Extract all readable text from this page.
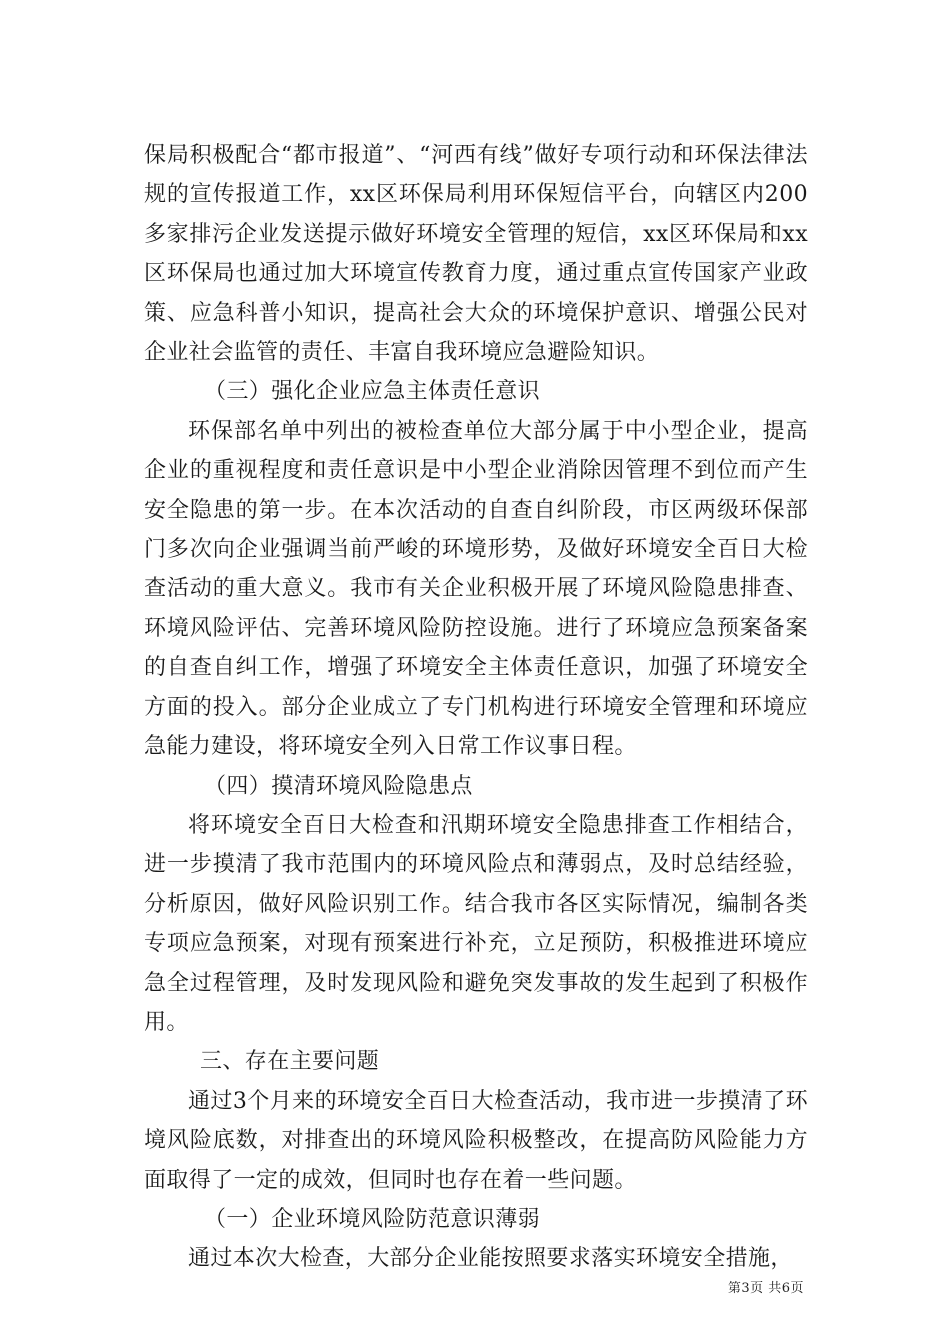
保局积极配合“都市报道”、“河西有线”做好专项行动和环保法律法规的宣传报道工作，xx区环保局利用环保短信平台，向辖区内200多家排污企业发送提示做好环境安全管理的短信，xx区环保局和xx区环保局也通过加大环境宣传教育力度，通过重点宣传国家产业政策、应急科普小知识，提高社会大众的环境保护意识、增强公民对企业社会监管的责任、丰富自我环境应急避险知识。

（三）强化企业应急主体责任意识

环保部名单中列出的被检查单位大部分属于中小型企业，提高企业的重视程度和责任意识是中小型企业消除因管理不到位而产生安全隐患的第一步。在本次活动的自查自纠阶段，市区两级环保部门多次向企业强调当前严峻的环境形势，及做好环境安全百日大检查活动的重大意义。我市有关企业积极开展了环境风险隐患排查、环境风险评估、完善环境风险防控设施。进行了环境应急预案备案的自查自纠工作，增强了环境安全主体责任意识，加强了环境安全方面的投入。部分企业成立了专门机构进行环境安全管理和环境应急能力建设，将环境安全列入日常工作议事日程。

（四）摸清环境风险隐患点

将环境安全百日大检查和汛期环境安全隐患排查工作相结合，进一步摸清了我市范围内的环境风险点和薄弱点，及时总结经验，分析原因，做好风险识别工作。结合我市各区实际情况，编制各类专项应急预案，对现有预案进行补充，立足预防，积极推进环境应急全过程管理，及时发现风险和避免突发事故的发生起到了积极作用。

三、存在主要问题

通过3个月来的环境安全百日大检查活动，我市进一步摸清了环境风险底数，对排查出的环境风险积极整改，在提高防风险能力方面取得了一定的成效，但同时也存在着一些问题。

（一）企业环境风险防范意识薄弱

通过本次大检查，大部分企业能按照要求落实环境安全措施，

第3页 共6页
